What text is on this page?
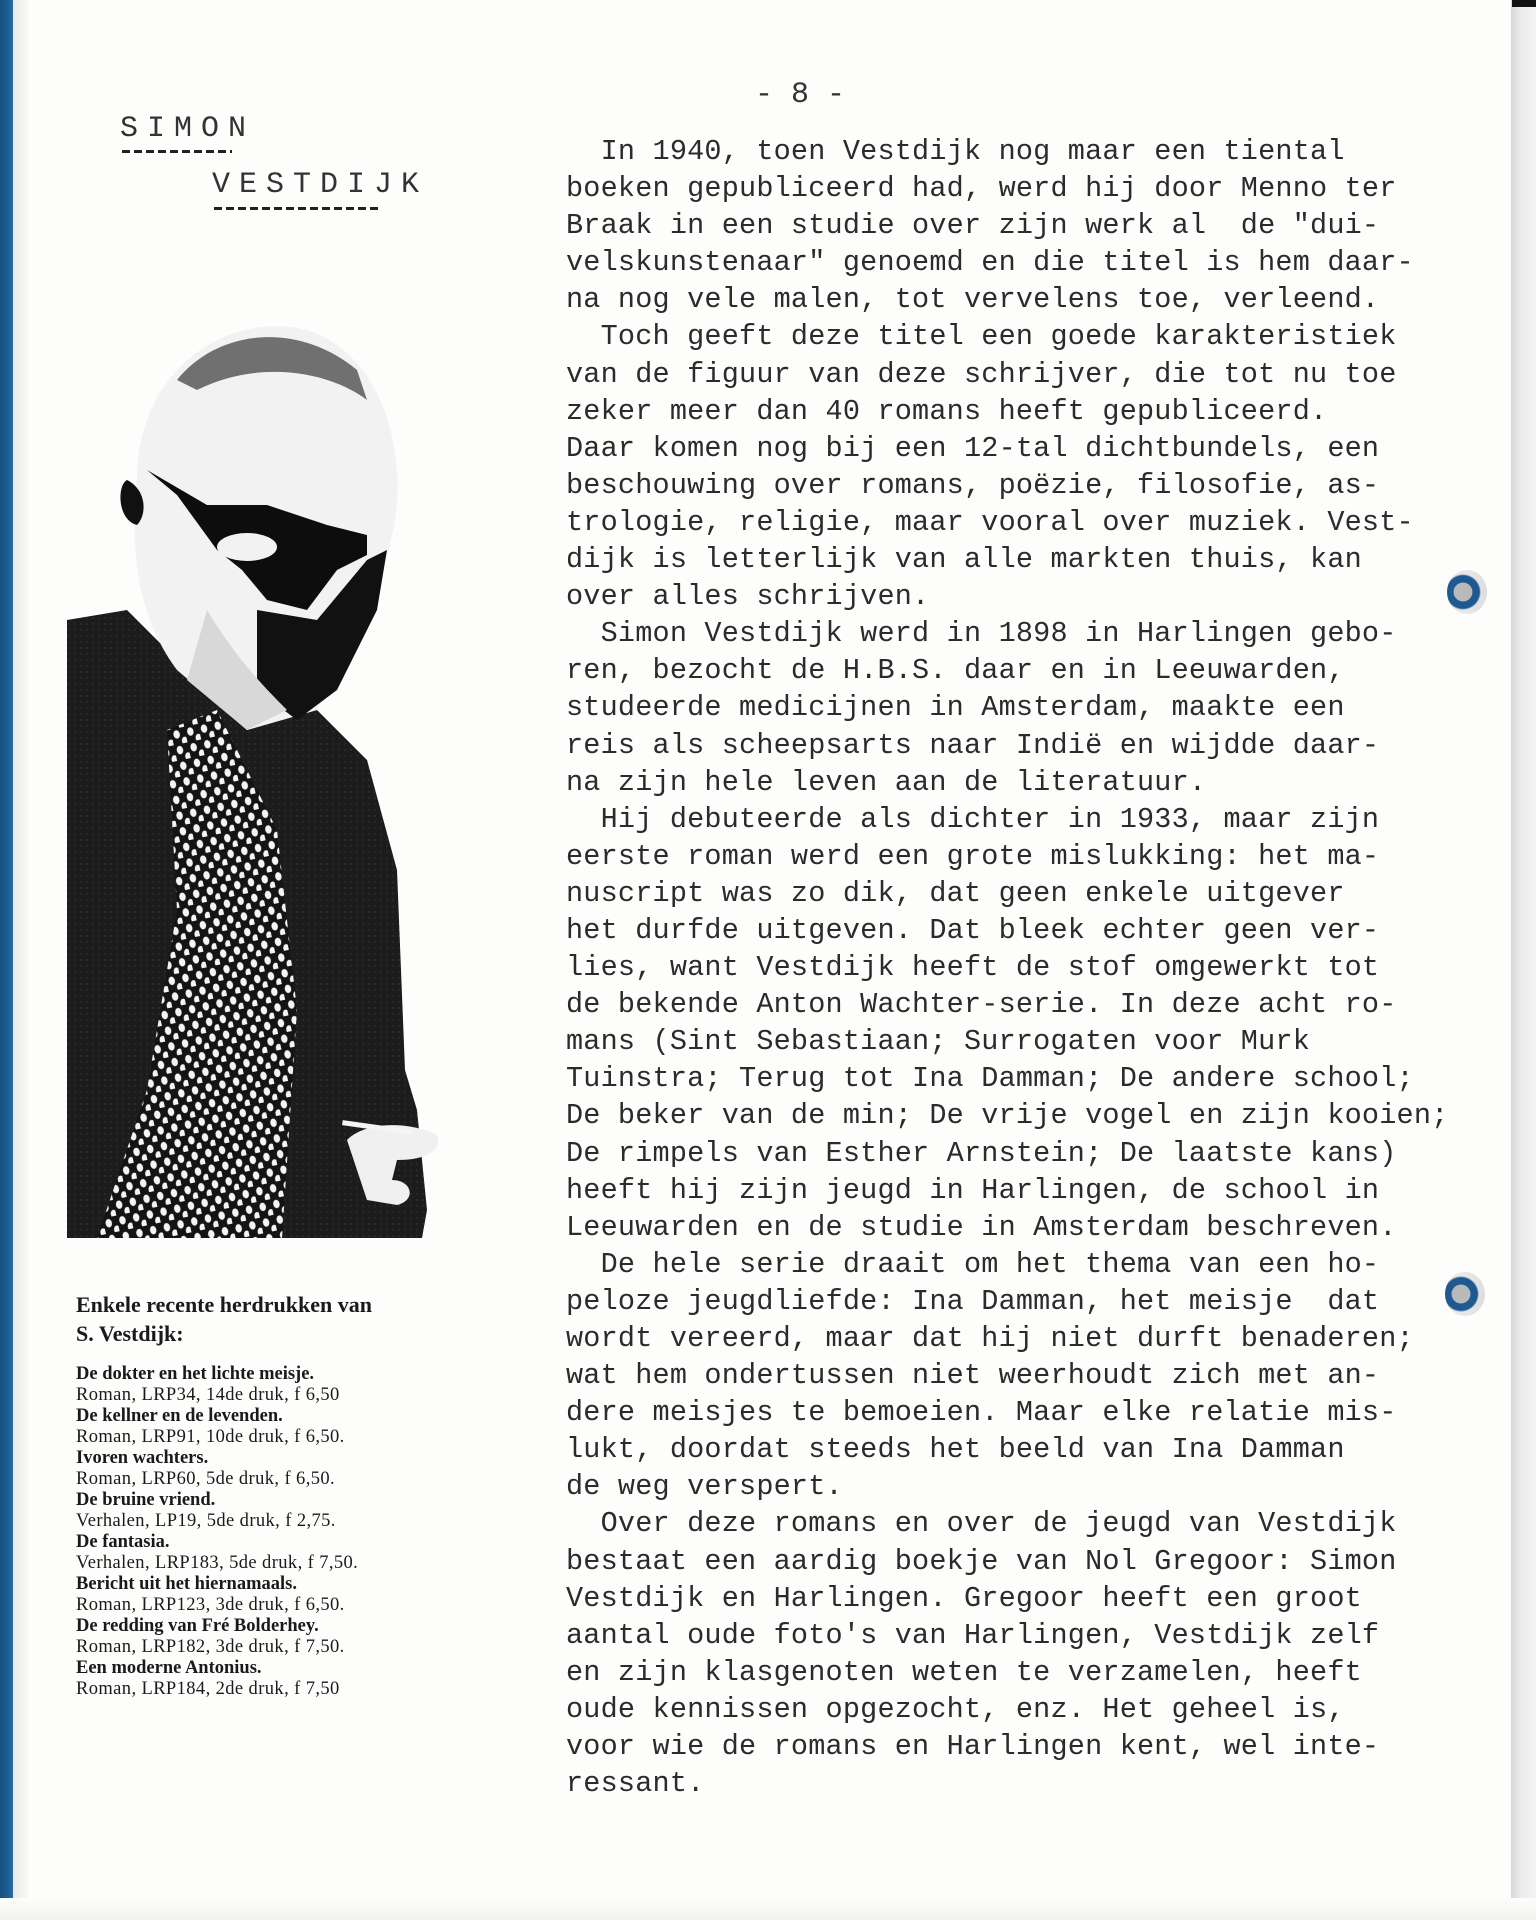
- 8 -
SIMON
VESTDIJK
Enkele recente herdrukken van
S. Vestdijk:
De dokter en het lichte meisje.
Roman, LRP34, 14de druk, f 6,50
De kellner en de levenden.
Roman, LRP91, 10de druk, f 6,50.
Ivoren wachters.
Roman, LRP60, 5de druk, f 6,50.
De bruine vriend.
Verhalen, LP19, 5de druk, f 2,75.
De fantasia.
Verhalen, LRP183, 5de druk, f 7,50.
Bericht uit het hiernamaals.
Roman, LRP123, 3de druk, f 6,50.
De redding van Fré Bolderhey.
Roman, LRP182, 3de druk, f 7,50.
Een moderne Antonius.
Roman, LRP184, 2de druk, f 7,50
In 1940, toen Vestdijk nog maar een tiental
boeken gepubliceerd had, werd hij door Menno ter
Braak in een studie over zijn werk al  de "dui-
velskunstenaar" genoemd en die titel is hem daar-
na nog vele malen, tot vervelens toe, verleend.
Toch geeft deze titel een goede karakteristiek
van de figuur van deze schrijver, die tot nu toe
zeker meer dan 40 romans heeft gepubliceerd.
Daar komen nog bij een 12-tal dichtbundels, een
beschouwing over romans, poëzie, filosofie, as-
trologie, religie, maar vooral over muziek. Vest-
dijk is letterlijk van alle markten thuis, kan
over alles schrijven.
Simon Vestdijk werd in 1898 in Harlingen gebo-
ren, bezocht de H.B.S. daar en in Leeuwarden,
studeerde medicijnen in Amsterdam, maakte een
reis als scheepsarts naar Indië en wijdde daar-
na zijn hele leven aan de literatuur.
Hij debuteerde als dichter in 1933, maar zijn
eerste roman werd een grote mislukking: het ma-
nuscript was zo dik, dat geen enkele uitgever
het durfde uitgeven. Dat bleek echter geen ver-
lies, want Vestdijk heeft de stof omgewerkt tot
de bekende Anton Wachter-serie. In deze acht ro-
mans (Sint Sebastiaan; Surrogaten voor Murk
Tuinstra; Terug tot Ina Damman; De andere school;
De beker van de min; De vrije vogel en zijn kooien;
De rimpels van Esther Arnstein; De laatste kans)
heeft hij zijn jeugd in Harlingen, de school in
Leeuwarden en de studie in Amsterdam beschreven.
De hele serie draait om het thema van een ho-
peloze jeugdliefde: Ina Damman, het meisje  dat
wordt vereerd, maar dat hij niet durft benaderen;
wat hem ondertussen niet weerhoudt zich met an-
dere meisjes te bemoeien. Maar elke relatie mis-
lukt, doordat steeds het beeld van Ina Damman
de weg verspert.
Over deze romans en over de jeugd van Vestdijk
bestaat een aardig boekje van Nol Gregoor: Simon
Vestdijk en Harlingen. Gregoor heeft een groot
aantal oude foto's van Harlingen, Vestdijk zelf
en zijn klasgenoten weten te verzamelen, heeft
oude kennissen opgezocht, enz. Het geheel is,
voor wie de romans en Harlingen kent, wel inte-
ressant.
